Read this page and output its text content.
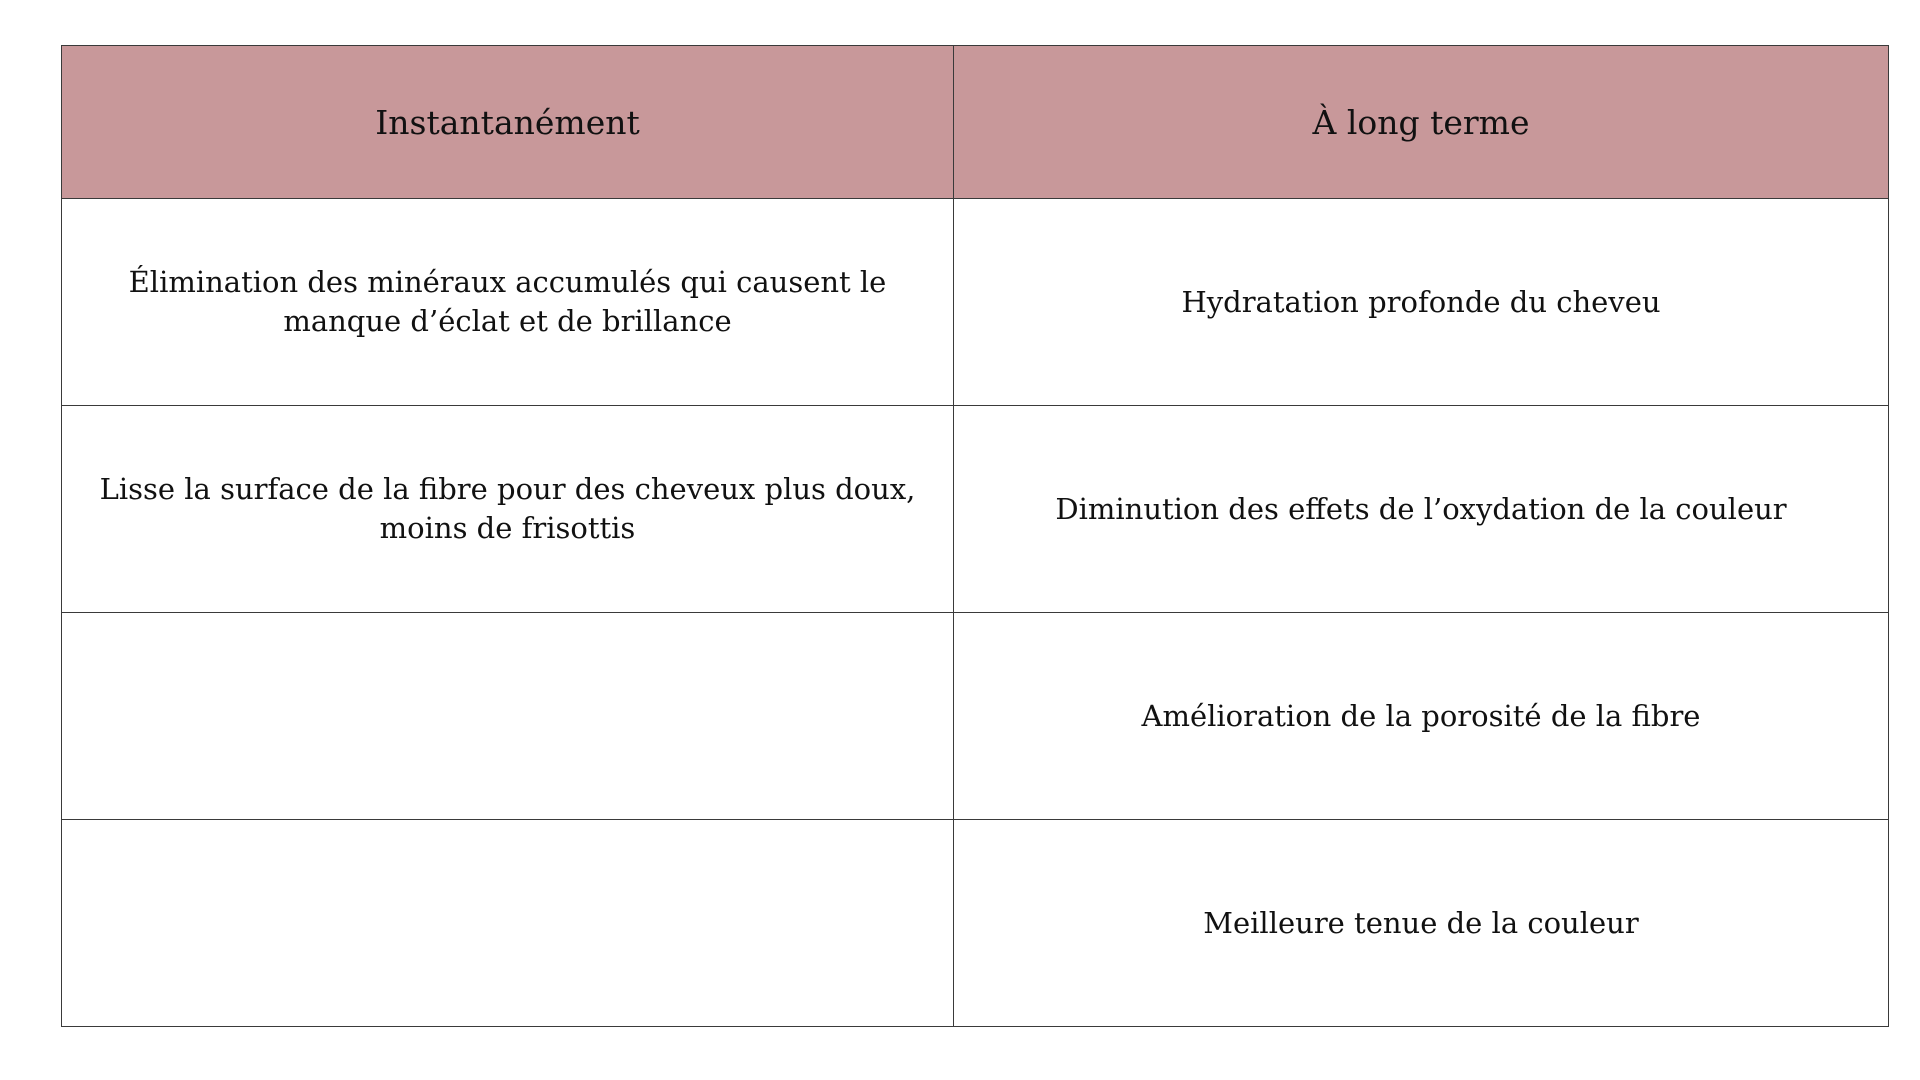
Instantanément	À long terme
Élimination des minéraux accumulés qui causent le manque d’éclat et de brillance	Hydratation profonde du cheveu
Lisse la surface de la fibre pour des cheveux plus doux, moins de frisottis	Diminution des effets de l’oxydation de la couleur
	Amélioration de la porosité de la fibre
	Meilleure tenue de la couleur
